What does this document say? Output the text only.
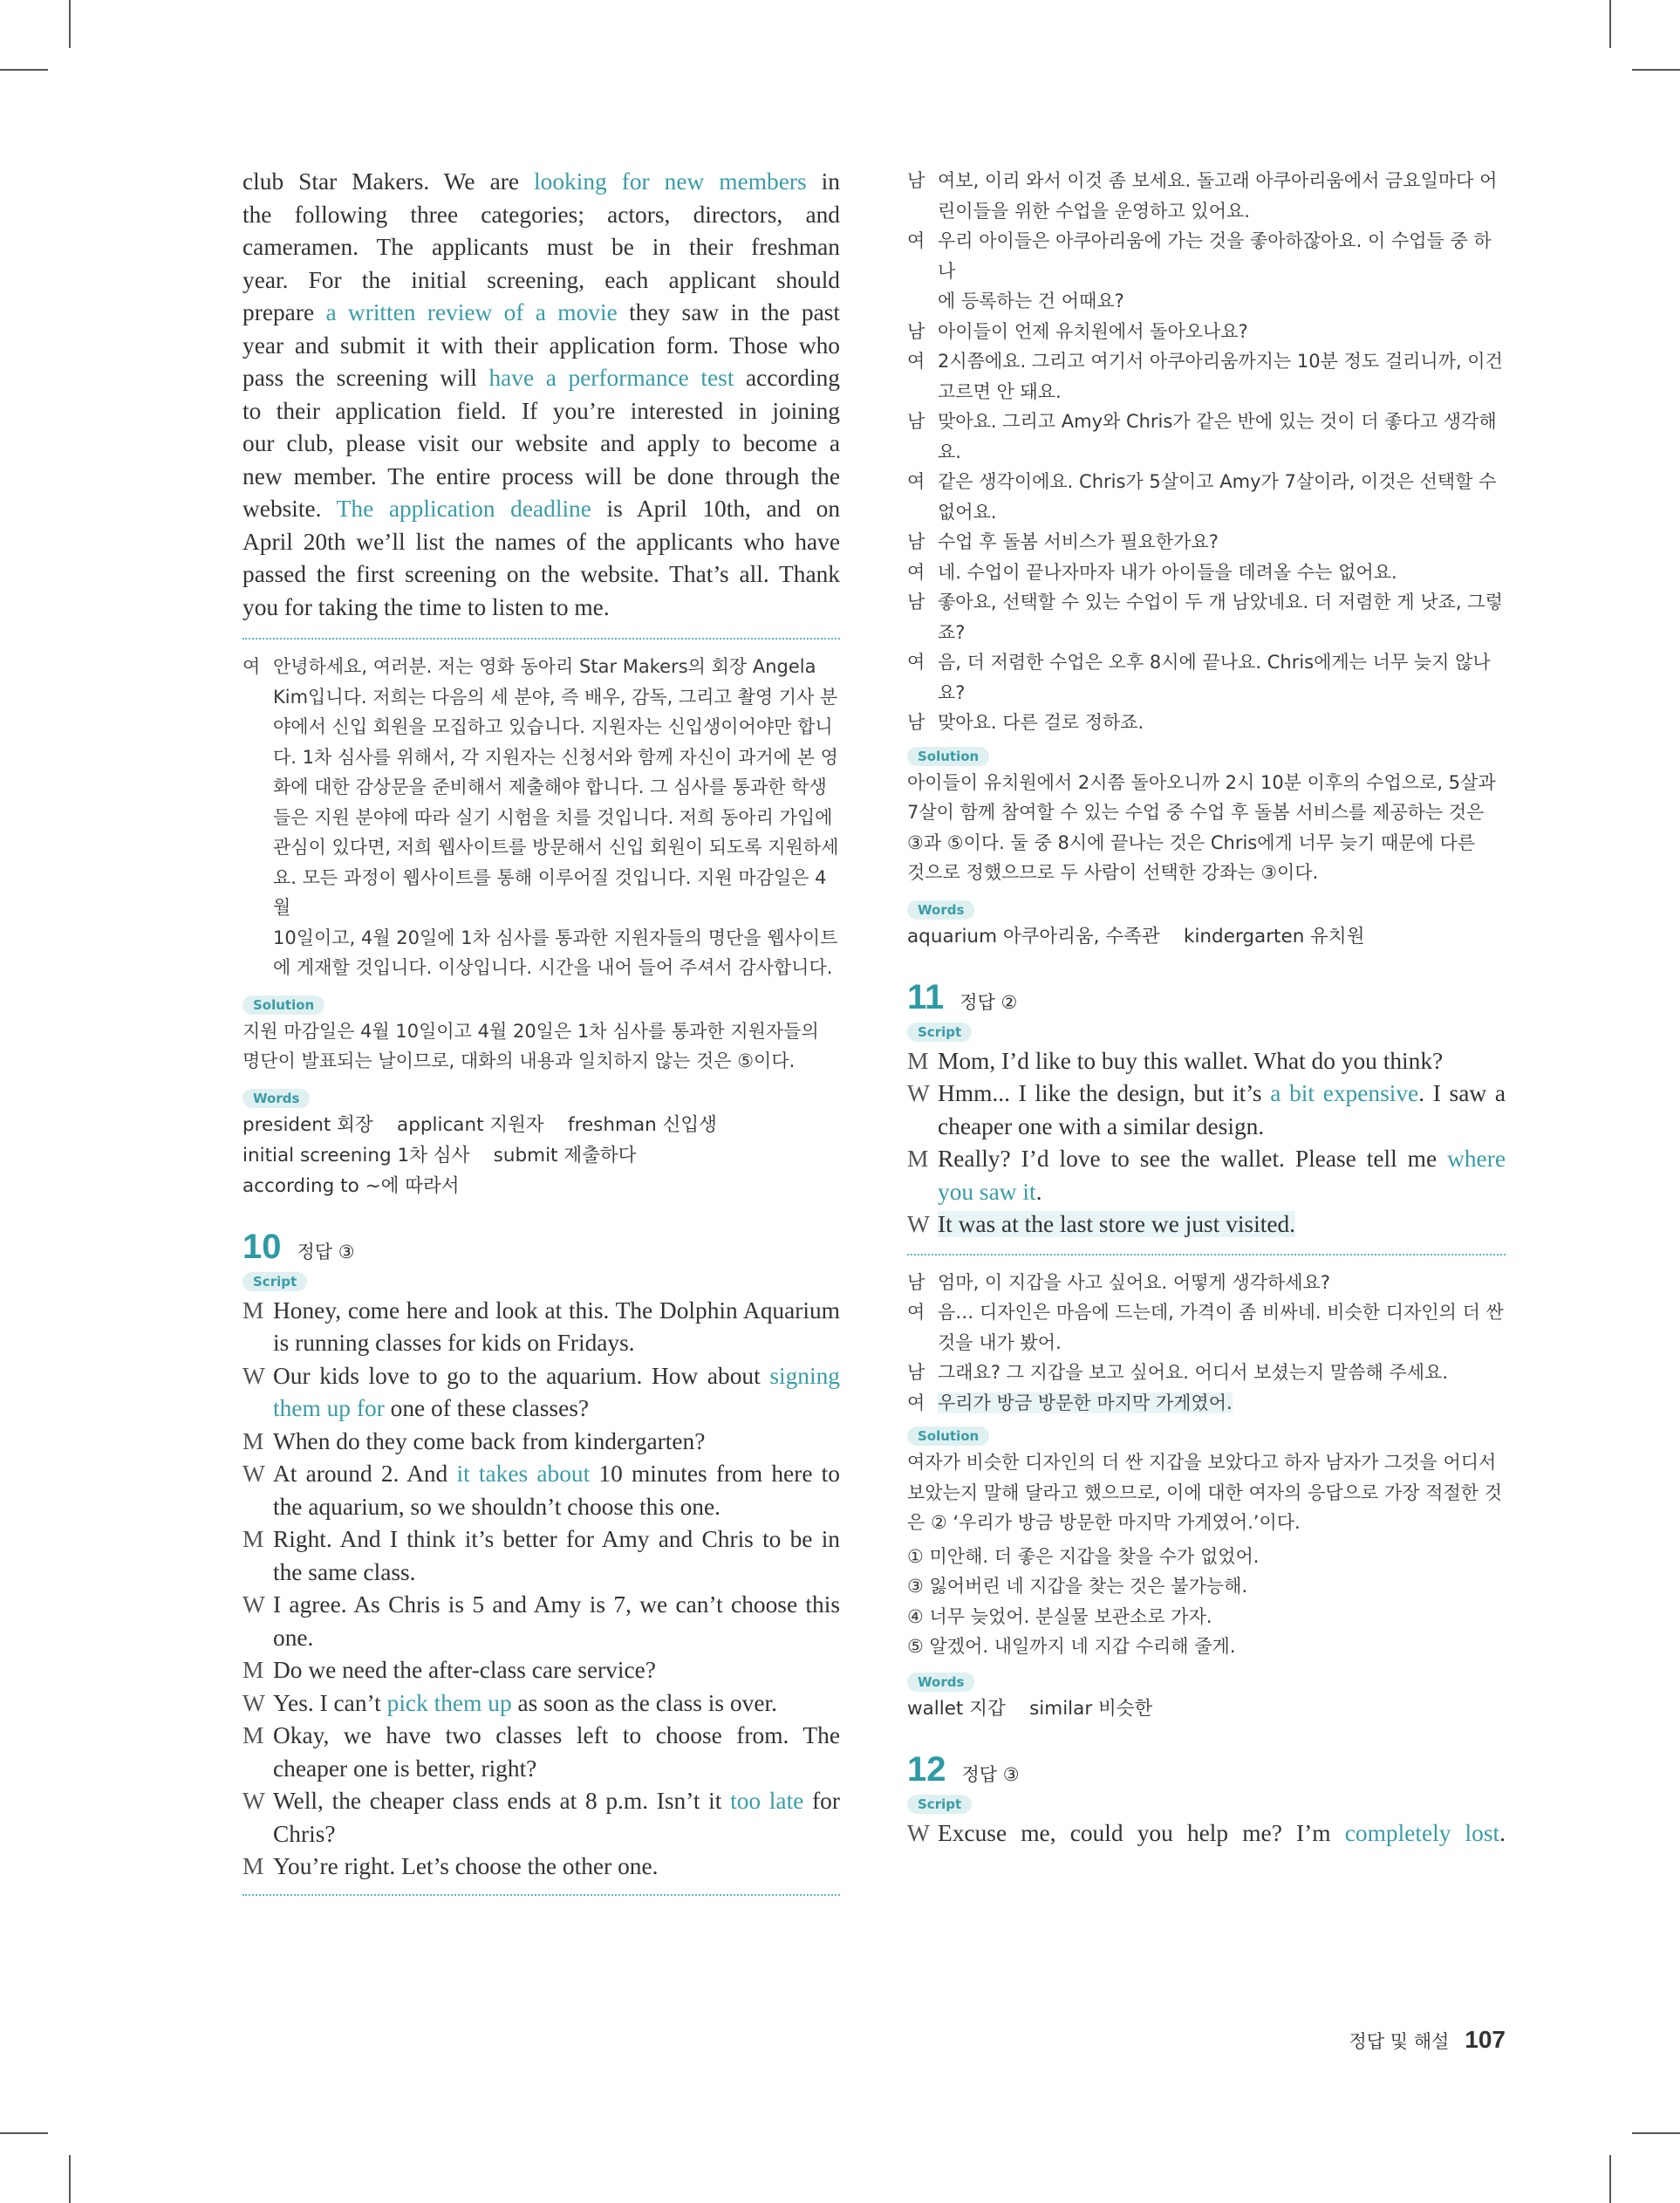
club Star Makers. We are looking for new members in
the following three categories; actors, directors, and
cameramen. The applicants must be in their freshman
year. For the initial screening, each applicant should
prepare a written review of a movie they saw in the past
year and submit it with their application form. Those who
pass the screening will have a performance test according
to their application field. If you’re interested in joining
our club, please visit our website and apply to become a
new member. The entire process will be done through the
website. The application deadline is April 10th, and on
April 20th we’ll list the names of the applicants who have
passed the first screening on the website. That’s all. Thank
you for taking the time to listen to me.
여 안녕하세요, 여러분. 저는 영화 동아리 Star Makers의 회장 Angela
Kim입니다. 저희는 다음의 세 분야, 즉 배우, 감독, 그리고 촬영 기사 분
야에서 신입 회원을 모집하고 있습니다. 지원자는 신입생이어야만 합니
다. 1차 심사를 위해서, 각 지원자는 신청서와 함께 자신이 과거에 본 영
화에 대한 감상문을 준비해서 제출해야 합니다. 그 심사를 통과한 학생
들은 지원 분야에 따라 실기 시험을 치를 것입니다. 저희 동아리 가입에
관심이 있다면, 저희 웹사이트를 방문해서 신입 회원이 되도록 지원하세
요. 모든 과정이 웹사이트를 통해 이루어질 것입니다. 지원 마감일은 4월
10일이고, 4월 20일에 1차 심사를 통과한 지원자들의 명단을 웹사이트
에 게재할 것입니다. 이상입니다. 시간을 내어 들어 주셔서 감사합니다.
Solution
지원 마감일은 4월 10일이고 4월 20일은 1차 심사를 통과한 지원자들의
명단이 발표되는 날이므로, 대화의 내용과 일치하지 않는 것은 ⑤이다.
Words
president 회장    applicant 지원자    freshman 신입생
initial screening 1차 심사    submit 제출하다
according to ~에 따라서
10 정답 ③
Script
M Honey, come here and look at this. The Dolphin Aquarium
is running classes for kids on Fridays.
W Our kids love to go to the aquarium. How about signing
them up for one of these classes?
M When do they come back from kindergarten?
W At around 2. And it takes about 10 minutes from here to
the aquarium, so we shouldn’t choose this one.
M Right. And I think it’s better for Amy and Chris to be in
the same class.
W I agree. As Chris is 5 and Amy is 7, we can’t choose this
one.
M Do we need the after-class care service?
W Yes. I can’t pick them up as soon as the class is over.
M Okay, we have two classes left to choose from. The
cheaper one is better, right?
W Well, the cheaper class ends at 8 p.m. Isn’t it too late for
Chris?
M You’re right. Let’s choose the other one.
남 여보, 이리 와서 이것 좀 보세요. 돌고래 아쿠아리움에서 금요일마다 어
린이들을 위한 수업을 운영하고 있어요.
여 우리 아이들은 아쿠아리움에 가는 것을 좋아하잖아요. 이 수업들 중 하나
에 등록하는 건 어때요?
남 아이들이 언제 유치원에서 돌아오나요?
여 2시쯤에요. 그리고 여기서 아쿠아리움까지는 10분 정도 걸리니까, 이건
고르면 안 돼요.
남 맞아요. 그리고 Amy와 Chris가 같은 반에 있는 것이 더 좋다고 생각해
요.
여 같은 생각이에요. Chris가 5살이고 Amy가 7살이라, 이것은 선택할 수
없어요.
남 수업 후 돌봄 서비스가 필요한가요?
여 네. 수업이 끝나자마자 내가 아이들을 데려올 수는 없어요.
남 좋아요, 선택할 수 있는 수업이 두 개 남았네요. 더 저렴한 게 낫죠, 그렇
죠?
여 음, 더 저렴한 수업은 오후 8시에 끝나요. Chris에게는 너무 늦지 않나
요?
남 맞아요. 다른 걸로 정하죠.
Solution
아이들이 유치원에서 2시쯤 돌아오니까 2시 10분 이후의 수업으로, 5살과
7살이 함께 참여할 수 있는 수업 중 수업 후 돌봄 서비스를 제공하는 것은
③과 ⑤이다. 둘 중 8시에 끝나는 것은 Chris에게 너무 늦기 때문에 다른
것으로 정했으므로 두 사람이 선택한 강좌는 ③이다.
Words
aquarium 아쿠아리움, 수족관    kindergarten 유치원
11 정답 ②
Script
M Mom, I’d like to buy this wallet. What do you think?
W Hmm... I like the design, but it’s a bit expensive. I saw a
cheaper one with a similar design.
M Really? I’d love to see the wallet. Please tell me where
you saw it.
W It was at the last store we just visited.
남 엄마, 이 지갑을 사고 싶어요. 어떻게 생각하세요?
여 음… 디자인은 마음에 드는데, 가격이 좀 비싸네. 비슷한 디자인의 더 싼
것을 내가 봤어.
남 그래요? 그 지갑을 보고 싶어요. 어디서 보셨는지 말씀해 주세요.
여 우리가 방금 방문한 마지막 가게였어.
Solution
여자가 비슷한 디자인의 더 싼 지갑을 보았다고 하자 남자가 그것을 어디서
보았는지 말해 달라고 했으므로, 이에 대한 여자의 응답으로 가장 적절한 것
은 ② ‘우리가 방금 방문한 마지막 가게였어.’이다.
① 미안해. 더 좋은 지갑을 찾을 수가 없었어.
③ 잃어버린 네 지갑을 찾는 것은 불가능해.
④ 너무 늦었어. 분실물 보관소로 가자.
⑤ 알겠어. 내일까지 네 지갑 수리해 줄게.
Words
wallet 지갑    similar 비슷한
12 정답 ③
Script
W Excuse me, could you help me? I’m completely lost.
정답 및 해설 107
